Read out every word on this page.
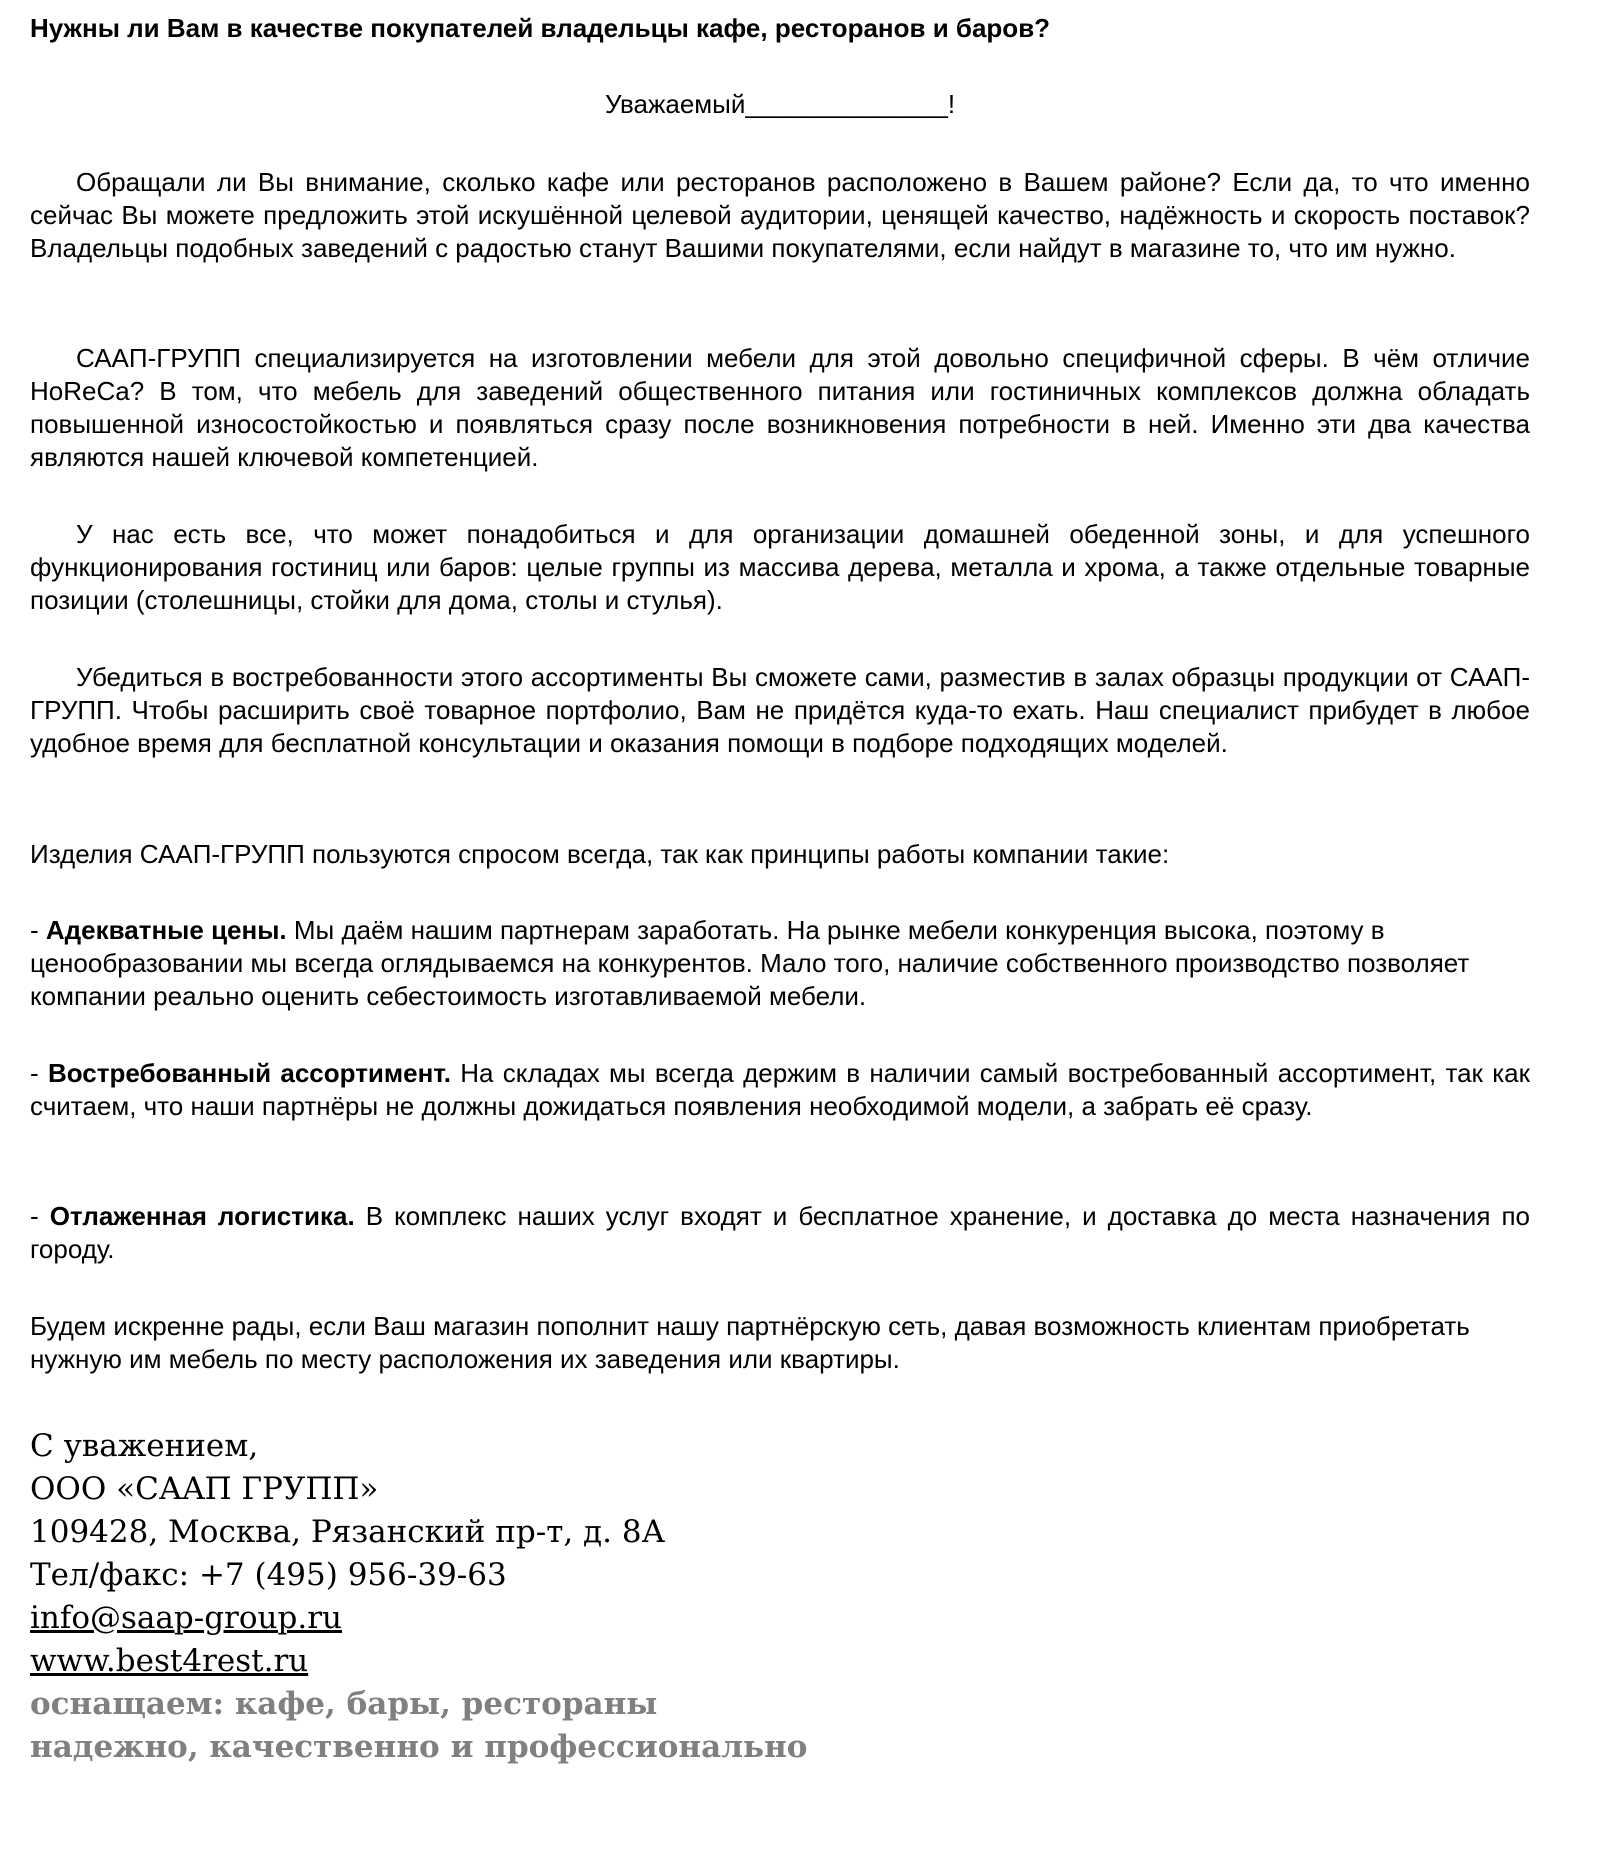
Нужны ли Вам в качестве покупателей владельцы кафе, ресторанов и баров?
Уважаемый______________!

Обращали ли Вы внимание, сколько кафе или ресторанов расположено в Вашем районе? Если да, то что именно сейчас Вы можете предложить этой искушённой целевой аудитории, ценящей качество, надёжность и скорость поставок? Владельцы подобных заведений с радостью станут Вашими покупателями, если найдут в магазине то, что им нужно.

САAП-ГРУПП специализируется на изготовлении мебели для этой довольно специфичной сферы. В чём отличие HoReCa? В том, что мебель для заведений общественного питания или гостиничных комплексов должна обладать повышенной износостойкостью и появляться сразу после возникновения потребности в ней. Именно эти два качества являются нашей ключевой компетенцией.

У нас есть все, что может понадобиться и для организации домашней обеденной зоны, и для успешного функционирования гостиниц или баров: целые группы из массива дерева, металла и хрома, а также отдельные товарные позиции (столешницы, стойки для дома, столы и стулья).

Убедиться в востребованности этого ассортименты Вы сможете сами, разместив в залах образцы продукции от САAП-ГРУПП. Чтобы расширить своё товарное портфолио, Вам не придётся куда-то ехать. Наш специалист прибудет в любое удобное время для бесплатной консультации и оказания помощи в подборе подходящих моделей.

Изделия САAП-ГРУПП пользуются спросом всегда, так как принципы работы компании такие:

- Адекватные цены. Мы даём нашим партнерам заработать. На рынке мебели конкуренция высока, поэтому в ценообразовании мы всегда оглядываемся на конкурентов. Мало того, наличие собственного производство позволяет компании реально оценить себестоимость изготавливаемой мебели.

- Востребованный ассортимент. На складах мы всегда держим в наличии самый востребованный ассортимент, так как считаем, что наши партнёры не должны дожидаться появления необходимой модели, а забрать её сразу.

- Отлаженная логистика. В комплекс наших услуг входят и бесплатное хранение, и доставка до места назначения по городу.

Будем искренне рады, если Ваш магазин пополнит нашу партнёрскую сеть, давая возможность клиентам приобретать нужную им мебель по месту расположения их заведения или квартиры.

С уважением,
ООО «САAП ГРУПП»
109428, Москва, Рязанский пр-т, д. 8А
Тел/факс: +7 (495) 956-39-63
info@saap-group.ru
www.best4rest.ru
оснащаем: кафе, бары, рестораны
надежно, качественно и профессионально
